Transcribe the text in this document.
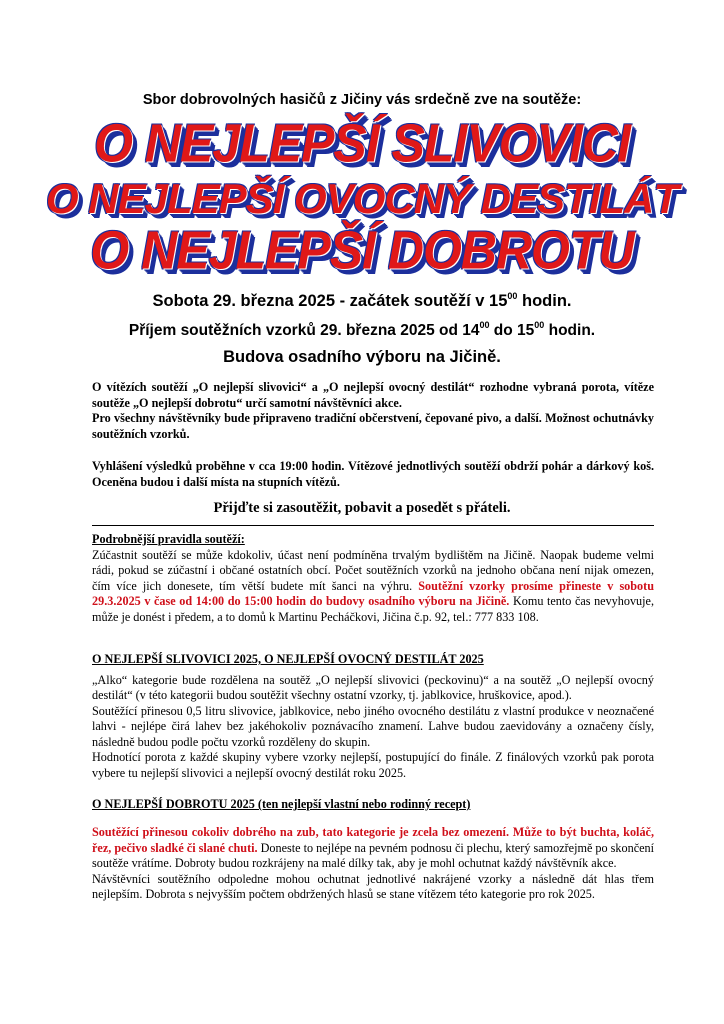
Sbor dobrovolných hasičů z Jičiny vás srdečně zve na soutěže:
O NEJLEPŠÍ SLIVOVICI
O NEJLEPŠÍ OVOCNÝ DESTILÁT
O NEJLEPŠÍ DOBROTU
Sobota 29. března 2025 - začátek soutěží v $15^{00}$ hodin.
Příjem soutěžních vzorků 29. března 2025 od $14^{00}$ do $15^{00}$ hodin.
Budova osadního výboru na Jičině.

O vítězích soutěží „O nejlepší slivovici“ a „O nejlepší ovocný destilát“ rozhodne vybraná porota, vítěze soutěže „O nejlepší dobrotu“ určí samotní návštěvníci akce.

Pro všechny návštěvníky bude připraveno tradiční občerstvení, čepované pivo, a další. Možnost ochutnávky soutěžních vzorků.

Vyhlášení výsledků proběhne v cca 19:00 hodin. Vítězové jednotlivých soutěží obdrží pohár a dárkový koš. Oceněna budou i další místa na stupních vítězů.

Přijďte si zasoutěžit, pobavit a posedět s přáteli.

Podrobnější pravidla soutěží:

Zúčastnit soutěží se může kdokoliv, účast není podmíněna trvalým bydlištěm na Jičině. Naopak budeme velmi rádi, pokud se zúčastní i občané ostatních obcí. Počet soutěžních vzorků na jednoho občana není nijak omezen, čím více jich donesete, tím větší budete mít šanci na výhru. Soutěžní vzorky prosíme přineste v sobotu 29.3.2025 v čase od 14:00 do 15:00 hodin do budovy osadního výboru na Jičině. Komu tento čas nevyhovuje, může je donést i předem, a to domů k Martinu Pecháčkovi, Jičina č.p. 92, tel.: 777 833 108.

O NEJLEPŠÍ SLIVOVICI 2025, O NEJLEPŠÍ OVOCNÝ DESTILÁT 2025

„Alko“ kategorie bude rozdělena na soutěž „O nejlepší slivovici (peckovinu)“ a na soutěž „O nejlepší ovocný destilát“ (v této kategorii budou soutěžit všechny ostatní vzorky, tj. jablkovice, hruškovice, apod.).

Soutěžící přinesou 0,5 litru slivovice, jablkovice, nebo jiného ovocného destilátu z vlastní produkce v neoznačené lahvi - nejlépe čirá lahev bez jakéhokoliv poznávacího znamení. Lahve budou zaevidovány a označeny čísly, následně budou podle počtu vzorků rozděleny do skupin.

Hodnotící porota z každé skupiny vybere vzorky nejlepší, postupující do finále. Z finálových vzorků pak porota vybere tu nejlepší slivovici a nejlepší ovocný destilát roku 2025.

O NEJLEPŠÍ DOBROTU 2025 (ten nejlepší vlastní nebo rodinný recept)

Soutěžící přinesou cokoliv dobrého na zub, tato kategorie je zcela bez omezení. Může to být buchta, koláč, řez, pečivo sladké či slané chuti. Doneste to nejlépe na pevném podnosu či plechu, který samozřejmě po skončení soutěže vrátíme. Dobroty budou rozkrájeny na malé dílky tak, aby je mohl ochutnat každý návštěvník akce.

Návštěvníci soutěžního odpoledne mohou ochutnat jednotlivé nakrájené vzorky a následně dát hlas třem nejlepším. Dobrota s nejvyšším počtem obdržených hlasů se stane vítězem této kategorie pro rok 2025.
